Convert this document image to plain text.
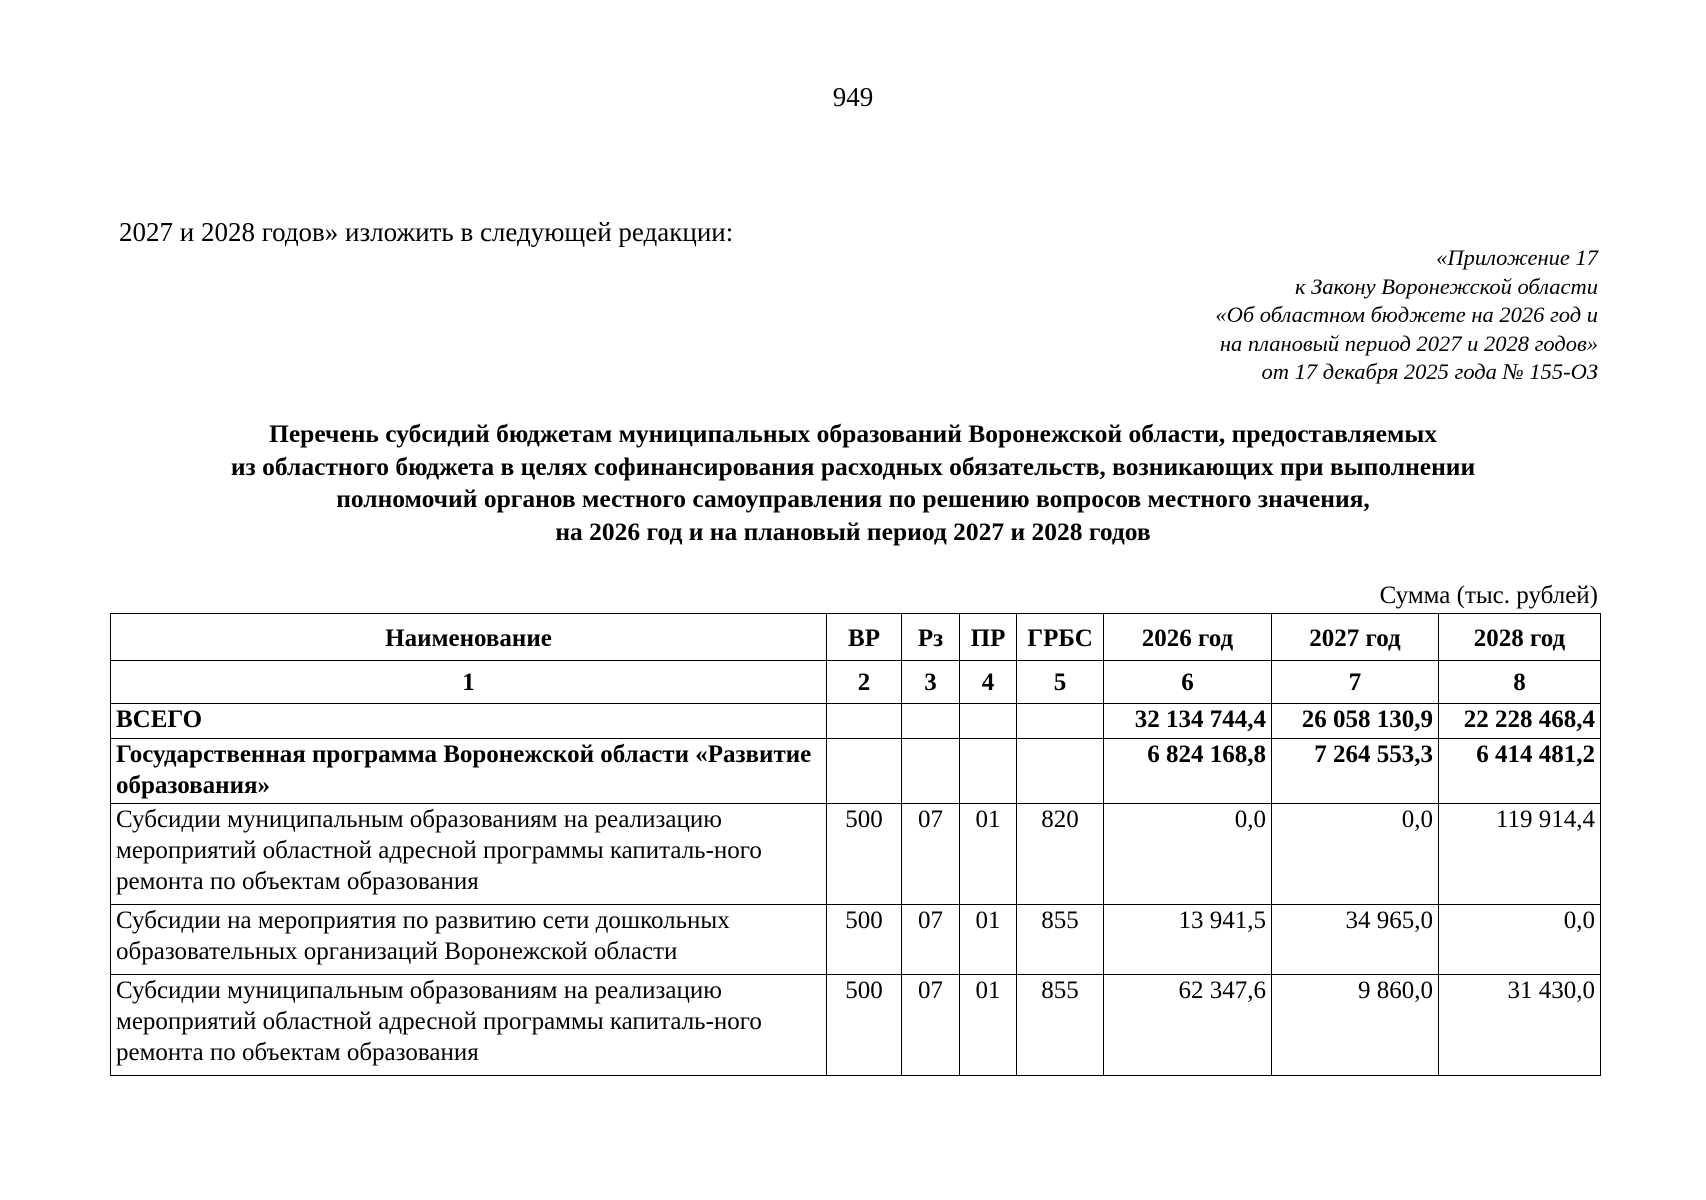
949
2027 и 2028 годов» изложить в следующей редакции:
«Приложение 17
к Закону Воронежской области
«Об областном бюджете на 2026 год и
на плановый период 2027 и 2028 годов»
от 17 декабря 2025 года № 155-ОЗ
Перечень субсидий бюджетам муниципальных образований Воронежской области, предоставляемых
из областного бюджета в целях софинансирования расходных обязательств, возникающих при выполнении
полномочий органов местного самоуправления по решению вопросов местного значения,
на 2026 год и на плановый период 2027 и 2028 годов
Сумма (тыс. рублей)
Наименование	ВР	Рз	ПР	ГРБС	2026 год	2027 год	2028 год
1	2	3	4	5	6	7	8
ВСЕГО					32 134 744,4	26 058 130,9	22 228 468,4
Государственная программа Воронежской области «Развитие образования»					6 824 168,8	7 264 553,3	6 414 481,2
Субсидии муниципальным образованиям на реализацию мероприятий областной адресной программы капиталь-ного ремонта по объектам образования	500	07	01	820	0,0	0,0	119 914,4
Субсидии на мероприятия по развитию сети дошкольных образовательных организаций Воронежской области	500	07	01	855	13 941,5	34 965,0	0,0
Субсидии муниципальным образованиям на реализацию мероприятий областной адресной программы капиталь-ного ремонта по объектам образования	500	07	01	855	62 347,6	9 860,0	31 430,0
